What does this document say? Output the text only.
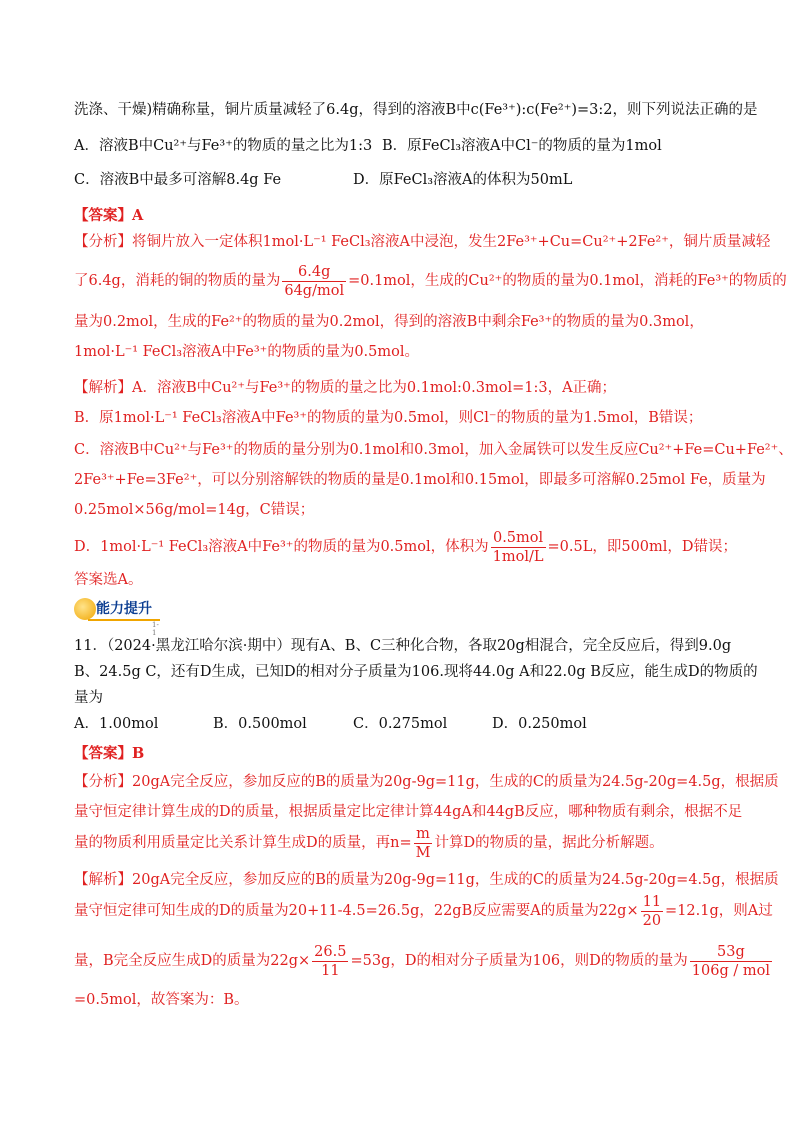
洗涤、干燥)精确称量，铜片质量减轻了6.4g，得到的溶液B中c(Fe³⁺):c(Fe²⁺)=3:2，则下列说法正确的是
A．溶液B中Cu²⁺与Fe³⁺的物质的量之比为1:3 B．原FeCl₃溶液A中Cl⁻的物质的量为1mol
C．溶液B中最多可溶解8.4g Fe	D．原FeCl₃溶液A的体积为50mL
【答案】A
【分析】将铜片放入一定体积1mol·L⁻¹ FeCl₃溶液A中浸泡，发生2Fe³⁺+Cu=Cu²⁺+2Fe²⁺，铜片质量减轻
了6.4g，消耗的铜的物质的量为 $\frac{6.4g}{\text{64g/mol}} =0.1mol$，生成的Cu²⁺的物质的量为0.1mol，消耗的Fe³⁺的物质的
量为0.2mol，生成的Fe²⁺的物质的量为0.2mol，得到的溶液B中剩余Fe³⁺的物质的量为0.3mol，
1mol·L⁻¹ FeCl₃溶液A中Fe³⁺的物质的量为0.5mol。
【解析】A．溶液B中Cu²⁺与Fe³⁺的物质的量之比为0.1mol:0.3mol=1:3，A正确；
B．原1mol·L⁻¹ FeCl₃溶液A中Fe³⁺的物质的量为0.5mol，则Cl⁻的物质的量为1.5mol，B错误；
C．溶液B中Cu²⁺与Fe³⁺的物质的量分别为0.1mol和0.3mol，加入金属铁可以发生反应Cu²⁺+Fe=Cu+Fe²⁺、
2Fe³⁺+Fe=3Fe²⁺，可以分别溶解铁的物质的量是0.1mol和0.15mol，即最多可溶解0.25mol Fe，质量为
0.25mol×56g/mol=14g，C错误；
D．1mol·L⁻¹ FeCl₃溶液A中Fe³⁺的物质的量为0.5mol，体积为 $\frac{\text{0.5mol}}{\text{1mol/L}} =0.5L$，即500ml，D错误；
答案选A。
能力提升
1-1
11．（2024·黑龙江哈尔滨·期中）现有A、B、C三种化合物，各取20g相混合，完全反应后，得到9.0g
B、24.5g C，还有D生成，已知D的相对分子质量为106.现将44.0g A和22.0g B反应，能生成D的物质的
量为
A．1.00mol	B．0.500mol	C．0.275mol	D．0.250mol
【答案】B
【分析】20gA完全反应，参加反应的B的质量为20g-9g=11g，生成的C的质量为24.5g-20g=4.5g，根据质
量守恒定律计算生成的D的质量，根据质量定比定律计算44gA和44gB反应，哪种物质有剩余，根据不足
量的物质利用质量定比关系计算生成D的质量，再$n= \frac{m}{M}$ 计算D的物质的量，据此分析解题。
【解析】20gA完全反应，参加反应的B的质量为20g-9g=11g，生成的C的质量为24.5g-20g=4.5g，根据质
量守恒定律可知生成的D的质量为20+11-4.5=26.5g，22gB反应需要A的质量为$22g\times \frac{11}{20} =12.1g$，则A过
量，B完全反应生成D的质量为$22g\times \frac{26.5}{11} =53g$，D的相对分子质量为106，则D的物质的量为 $\frac{53g}{\text{106g / mol}}$
=0.5mol，故答案为：B。
